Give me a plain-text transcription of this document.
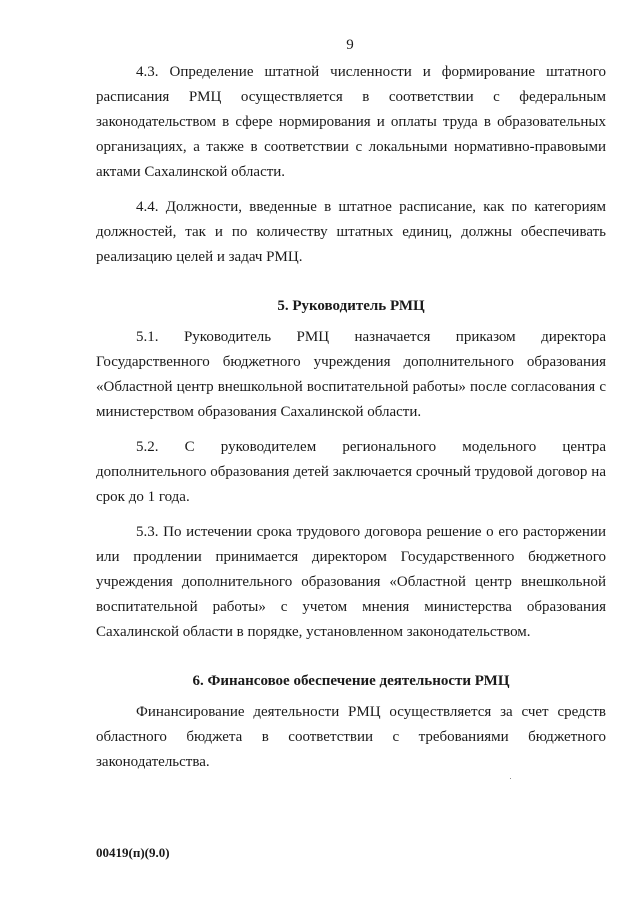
9

4.3. Определение штатной численности и формирование штатного расписания РМЦ осуществляется в соответствии с федеральным законодательством в сфере нормирования и оплаты труда в образовательных организациях, а также в соответствии с локальными нормативно-правовыми актами Сахалинской области.

4.4. Должности, введенные в штатное расписание, как по категориям должностей, так и по количеству штатных единиц, должны обеспечивать реализацию целей и задач РМЦ.

5. Руководитель РМЦ

5.1. Руководитель РМЦ назначается приказом директора Государственного бюджетного учреждения дополнительного образования «Областной центр внешкольной воспитательной работы» после согласования с министерством образования Сахалинской области.

5.2. С руководителем регионального модельного центра дополнительного образования детей заключается срочный трудовой договор на срок до 1 года.

5.3. По истечении срока трудового договора решение о его расторжении или продлении принимается директором Государственного бюджетного учреждения дополнительного образования «Областной центр внешкольной воспитательной работы» с учетом мнения министерства образования Сахалинской области в порядке, установленном законодательством.

6. Финансовое обеспечение деятельности РМЦ

Финансирование деятельности РМЦ осуществляется за счет средств областного бюджета в соответствии с требованиями бюджетного законодательства.

00419(п)(9.0)
